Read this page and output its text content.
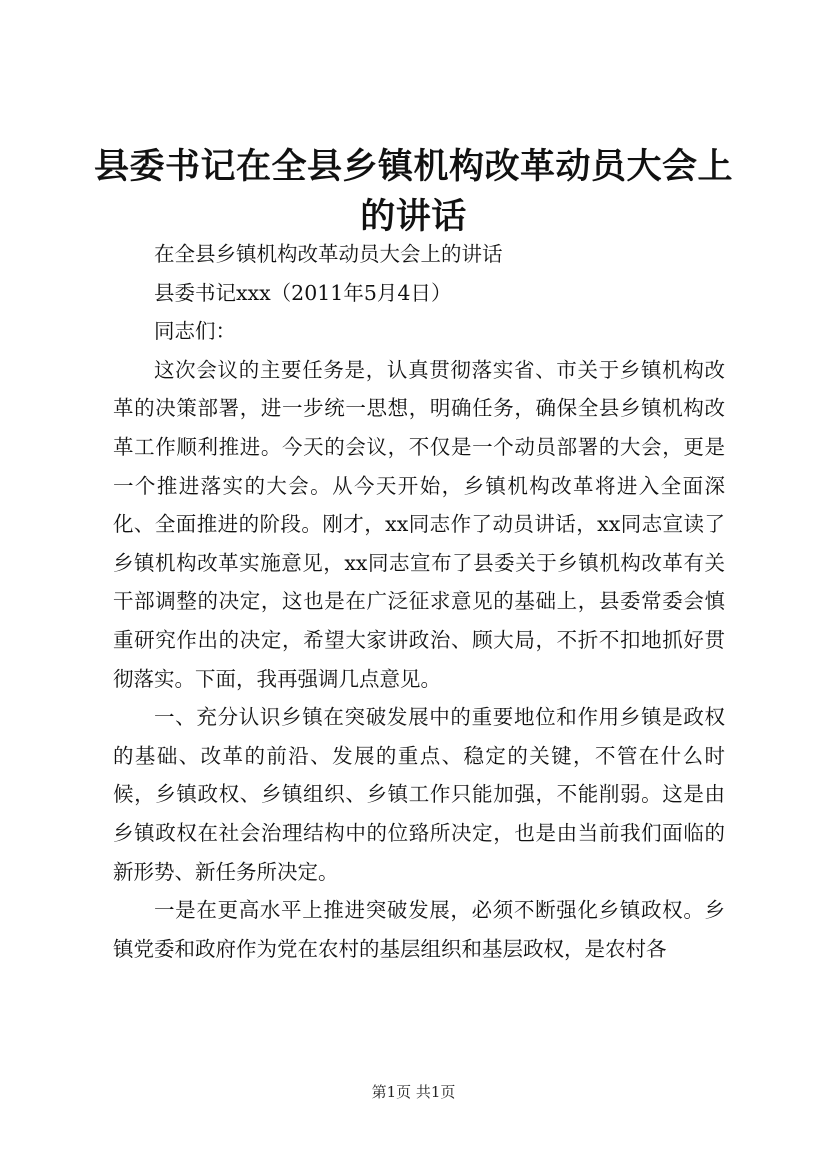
县委书记在全县乡镇机构改革动员大会上的讲话

在全县乡镇机构改革动员大会上的讲话

县委书记xxx（2011年5月4日）

同志们：

这次会议的主要任务是，认真贯彻落实省、市关于乡镇机构改革的决策部署，进一步统一思想，明确任务，确保全县乡镇机构改革工作顺利推进。今天的会议，不仅是一个动员部署的大会，更是一个推进落实的大会。从今天开始，乡镇机构改革将进入全面深化、全面推进的阶段。刚才，xx同志作了动员讲话，xx同志宣读了乡镇机构改革实施意见，xx同志宣布了县委关于乡镇机构改革有关干部调整的决定，这也是在广泛征求意见的基础上，县委常委会慎重研究作出的决定，希望大家讲政治、顾大局，不折不扣地抓好贯彻落实。下面，我再强调几点意见。

一、充分认识乡镇在突破发展中的重要地位和作用乡镇是政权的基础、改革的前沿、发展的重点、稳定的关键，不管在什么时候，乡镇政权、乡镇组织、乡镇工作只能加强，不能削弱。这是由乡镇政权在社会治理结构中的位臵所决定，也是由当前我们面临的新形势、新任务所决定。

一是在更高水平上推进突破发展，必须不断强化乡镇政权。乡镇党委和政府作为党在农村的基层组织和基层政权，是农村各

第1页 共1页
